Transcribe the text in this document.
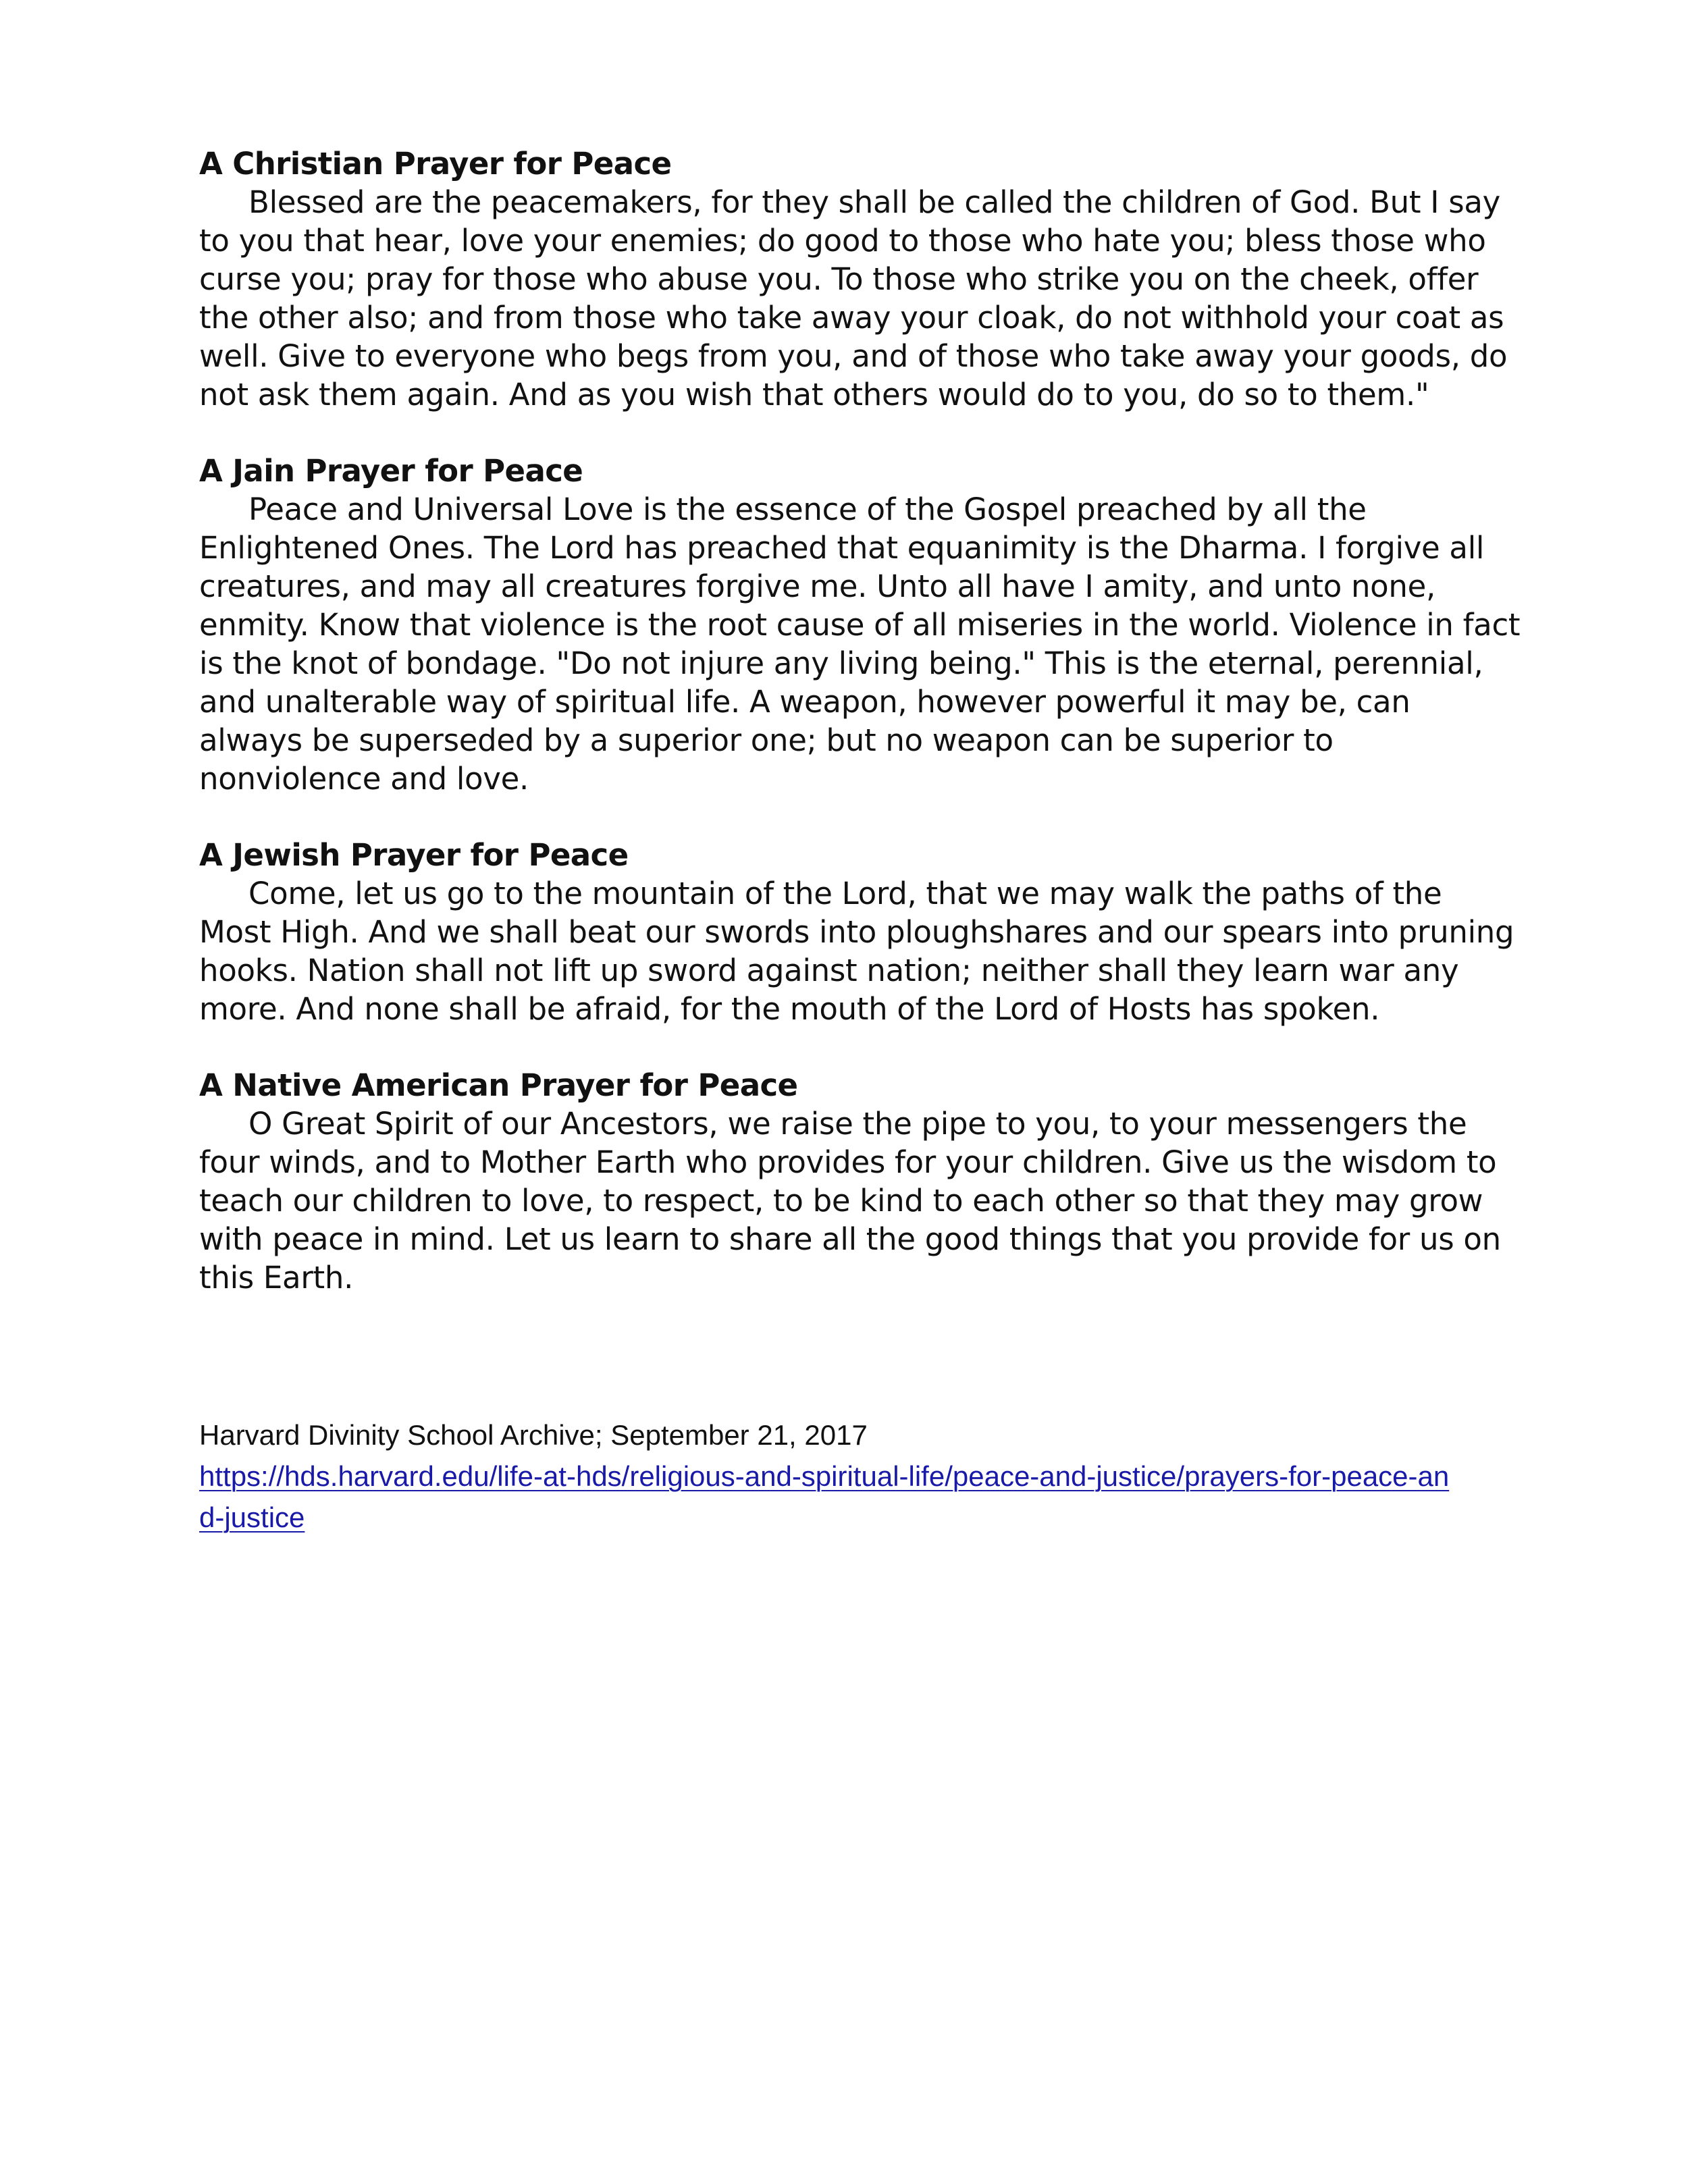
A Christian Prayer for Peace

Blessed are the peacemakers, for they shall be called the children of God. But I say to you that hear, love your enemies; do good to those who hate you; bless those who curse you; pray for those who abuse you. To those who strike you on the cheek, offer the other also; and from those who take away your cloak, do not withhold your coat as well. Give to everyone who begs from you, and of those who take away your goods, do not ask them again. And as you wish that others would do to you, do so to them."

A Jain Prayer for Peace

Peace and Universal Love is the essence of the Gospel preached by all the Enlightened Ones. The Lord has preached that equanimity is the Dharma. I forgive all creatures, and may all creatures forgive me. Unto all have I amity, and unto none, enmity. Know that violence is the root cause of all miseries in the world. Violence in fact is the knot of bondage. "Do not injure any living being." This is the eternal, perennial, and unalterable way of spiritual life. A weapon, however powerful it may be, can always be superseded by a superior one; but no weapon can be superior to nonviolence and love.

A Jewish Prayer for Peace

Come, let us go to the mountain of the Lord, that we may walk the paths of the Most High. And we shall beat our swords into ploughshares and our spears into pruning hooks. Nation shall not lift up sword against nation; neither shall they learn war any more. And none shall be afraid, for the mouth of the Lord of Hosts has spoken.

A Native American Prayer for Peace

O Great Spirit of our Ancestors, we raise the pipe to you, to your messengers the four winds, and to Mother Earth who provides for your children. Give us the wisdom to teach our children to love, to respect, to be kind to each other so that they may grow with peace in mind. Let us learn to share all the good things that you provide for us on this Earth.

Harvard Divinity School Archive; September 21, 2017

https://hds.harvard.edu/life-at-hds/religious-and-spiritual-life/peace-and-justice/prayers-for-peace-and-justice
